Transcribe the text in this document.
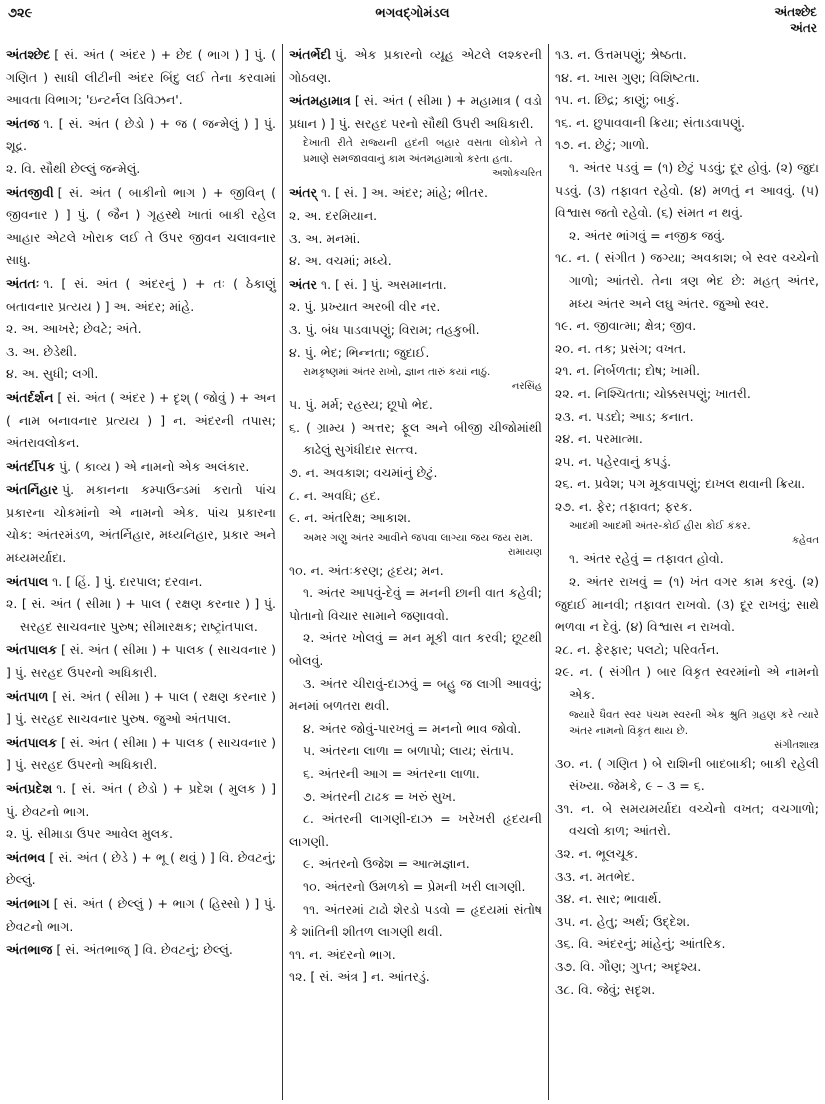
૭૨૯	ભગવદ્ગોમંડલ	અંતશ્છેદ
અંતર
અંતશ્છેદ [ સં. અંત ( અંદર ) + છેદ ( ભાગ ) ] પું. ( ગણિત ) સાધી લીટીની અંદર બિંદુ લઈ તેના કરવામાં આવતા વિભાગ; 'ઇન્ટર્નલ ડિવિઝન'.
અંતજ ૧. [ સં. અંત ( છેડો ) + જ ( જન્મેલું ) ] પું. શૂદ્ર.
૨. વિ. સૌથી છેલ્લું જન્મેલું.
અંતજીવી [ સં. અંત ( બાકીનો ભાગ ) + જીવિન્ ( જીવનાર ) ] પું. ( જૈન ) ગૃહસ્થે ખાતાં બાકી રહેલ આહાર એટલે ખોરાક લઈ તે ઉપર જીવન ચલાવનાર સાધુ.
અંતતઃ ૧. [ સં. અંત ( અંદરનું ) + તઃ ( ઠેકાણું બતાવનાર પ્રત્યય ) ] અ. અંદર; માંહે.
૨. અ. આખરે; છેવટે; અંતે.
૩. અ. છેડેથી.
૪. અ. સુધી; લગી.
અંતર્દર્શન [ સં. અંત ( અંદર ) + દૃશ્ ( જોવું ) + અન ( નામ બનાવનાર પ્રત્યય ) ] ન. અંદરની તપાસ; અંતરાવલોકન.
અંતર્દીપક પું. ( કાવ્ય ) એ નામનો એક અલંકાર.
અંતર્નિહાર પું. મકાનના કમ્પાઉન્ડમાં કરાતો પાંચ પ્રકારના ચોકમાંનો એ નામનો એક. પાંચ પ્રકારના ચોક: અંતરમંડળ, અંતર્નિહાર, મધ્યનિહાર, પ્રકાર અને મધ્યમર્યાદા.
અંતપાલ ૧. [ હિં. ] પું. દારપાલ; દરવાન.
૨. [ સં. અંત ( સીમા ) + પાલ ( રક્ષણ કરનાર ) ] પું. સરહદ સાચવનાર પુરુષ; સીમારક્ષક; રાષ્ટ્રાંતપાલ.
અંતપાલક [ સં. અંત ( સીમા ) + પાલક ( સાચવનાર ) ] પું. સરહદ ઉપરનો અધિકારી.
અંતપાળ [ સં. અંત ( સીમા ) + પાલ ( રક્ષણ કરનાર ) ] પું. સરહદ સાચવનાર પુરુષ. જુઓ અંતપાલ.
અંતપાલક [ સં. અંત ( સીમા ) + પાલક ( સાચવનાર ) ] પું. સરહદ ઉપરનો અધિકારી.
અંતપ્રદેશ ૧. [ સં. અંત ( છેડો ) + પ્રદેશ ( મુલક ) ] પું. છેવટનો ભાગ.
૨. પું. સીમાડા ઉપર આવેલ મુલક.
અંતભવ [ સં. અંત ( છેડે ) + ભૂ ( થવું ) ] વિ. છેવટનું; છેલ્લું.
અંતભાગ [ સં. અંત ( છેલ્લું ) + ભાગ ( હિસ્સો ) ] પું. છેવટનો ભાગ.
અંતભાજ [ સં. અંતભાજ્ ] વિ. છેવટનું; છેલ્લું.
અંતર્ભેદી પું. એક પ્રકારનો વ્યૂહ એટલે લશ્કરની ગોઠવણ.
અંતમહામાત્ર [ સં. અંત ( સીમા ) + મહામાત્ર ( વડો પ્રધાન ) ] પું. સરહદ પરનો સૌથી ઉપરી અધિકારી.
દેખાતી રીતે રાજ્યની હદની બહાર વસતા લોકોને તે પ્રમાણે સમજાવવાનું કામ અંતમહામાત્રો કરતા હતા.
અશોકચરિત
અંતર્ ૧. [ સં. ] અ. અંદર; માંહે; ભીતર.
૨. અ. દરમિયાન.
૩. અ. મનમાં.
૪. અ. વચમાં; મધ્યે.
અંતર ૧. [ સં. ] પું. અસમાનતા.
૨. પું. પ્રખ્યાત અરબી વીર નર.
૩. પું. બંધ પાડવાપણું; વિરામ; તહકુબી.
૪. પું. ભેદ; ભિન્નતા; જુદાઈ.
રામકૃષ્ણમાં અંતર રાખો, જ્ઞાન તારું કયાં નાઠું.
નરસિંહ
૫. પું. મર્મ; રહસ્ય; છૂપો ભેદ.
૬. ( ગ્રામ્ય ) અત્તર; ફૂલ અને બીજી ચીજોમાંથી કાઢેલું સુગંધીદાર સત્ત્વ.
૭. ન. અવકાશ; વચમાંનું છેટું.
૮. ન. અવધિ; હદ.
૯. ન. અંતરિક્ષ; આકાશ.
અમર ગણુ અંતર આવીને જપવા લાગ્યા જય જય રામ.
રામાયણ
૧૦. ન. અંતઃકરણ; હૃદય; મન.
૧. અંતર આપવું-દેવું = મનની છાની વાત કહેવી; પોતાનો વિચાર સામાને જણાવવો.
૨. અંતર ખોલવું = મન મૂકી વાત કરવી; છૂટથી બોલવું.
૩. અંતર ચીરાવું-દાઝવું = બહુ જ લાગી આવવું; મનમાં બળતરા થવી.
૪. અંતર જોવું-પારખવું = મનનો ભાવ જોવો.
૫. અંતરના લાળા = બળાપો; લાય; સંતાપ.
૬. અંતરની આગ = અંતરના લાળા.
૭. અંતરની ટાઢક = ખરું સુખ.
૮. અંતરની લાગણી-દાઝ = ખરેખરી હૃદયની લાગણી.
૯. અંતરનો ઉજેશ = આત્મજ્ઞાન.
૧૦. અંતરનો ઉમળકો = પ્રેમની ખરી લાગણી.
૧૧. અંતરમાં ટાઢો શેરડો પડવો = હૃદયમાં સંતોષ કે શાંતિની શીતળ લાગણી થવી.
૧૧. ન. અંદરનો ભાગ.
૧૨. [ સં. અંત્ર ] ન. આંતરડું.
૧૩. ન. ઉત્તમપણું; શ્રેષ્ઠતા.
૧૪. ન. ખાસ ગુણ; વિશિષ્ટતા.
૧૫. ન. છિદ્ર; કાણું; બાકું.
૧૬. ન. છુપાવવાની ક્રિયા; સંતાડવાપણું.
૧૭. ન. છેટું; ગાળો.
૧. અંતર પડવું = (૧) છેટું પડવું; દૂર હોવું. (૨) જુદા પડવું. (૩) તફાવત રહેવો. (૪) મળતું ન આવવું. (૫) વિશ્વાસ જતો રહેવો. (૬) સંમત ન થવું.
૨. અંતર ભાંગવું = નજીક જવું.
૧૮. ન. ( સંગીત ) જગ્યા; અવકાશ; બે સ્વર વચ્ચેનો ગાળો; આંતરો. તેના ત્રણ ભેદ છે: મહત્ અંતર, મધ્ય અંતર અને લઘુ અંતર. જુઓ સ્વર.
૧૯. ન. જીવાત્મા; ક્ષેત્ર; જીવ.
૨૦. ન. તક; પ્રસંગ; વખત.
૨૧. ન. નિર્બળતા; દોષ; ખામી.
૨૨. ન. નિશ્ચિતતા; ચોક્કસપણું; ખાતરી.
૨૩. ન. પડદો; આડ; કનાત.
૨૪. ન. પરમાત્મા.
૨૫. ન. પહેરવાનું કપડું.
૨૬. ન. પ્રવેશ; પગ મૂકવાપણું; દાખલ થવાની ક્રિયા.
૨૭. ન. ફેર; તફાવત; ફરક.
આદમી આદમી અંતર-કોઈ હીરા કોઈ કંકર.
કહેવત
૧. અંતર રહેવું = તફાવત હોવો.
૨. અંતર રાખવું = (૧) ખંત વગર કામ કરવું. (૨) જુદાઈ માનવી; તફાવત રાખવો. (૩) દૂર રાખવું; સાથે ભળવા ન દેવું. (૪) વિશ્વાસ ન રાખવો.
૨૮. ન. ફેરફાર; પલટો; પરિવર્તન.
૨૯. ન. ( સંગીત ) બાર વિકૃત સ્વરમાંનો એ નામનો એક.
જ્યારે ધૈવત સ્વર પંચમ સ્વરની એક શ્રુતિ ગ્રહણ કરે ત્યારે અંતર નામનો વિકૃત થાય છે.
સંગીતશાસ્ત્ર
૩૦. ન. ( ગણિત ) બે રાશિની બાદબાકી; બાકી રહેલી સંખ્યા. જેમકે, ૯ – ૩ = ૬.
૩૧. ન. બે સમયમર્યાદા વચ્ચેનો વખત; વચગાળો; વચલો કાળ; આંતરો.
૩૨. ન. ભૂલચૂક.
૩૩. ન. મતભેદ.
૩૪. ન. સાર; ભાવાર્થ.
૩૫. ન. હેતુ; અર્થ; ઉદ્દેશ.
૩૬. વિ. અંદરનું; માંહેનું; આંતરિક.
૩૭. વિ. ગૌણ; ગુપ્ત; અદૃશ્ય.
૩૮. વિ. જેવું; સદૃશ.
